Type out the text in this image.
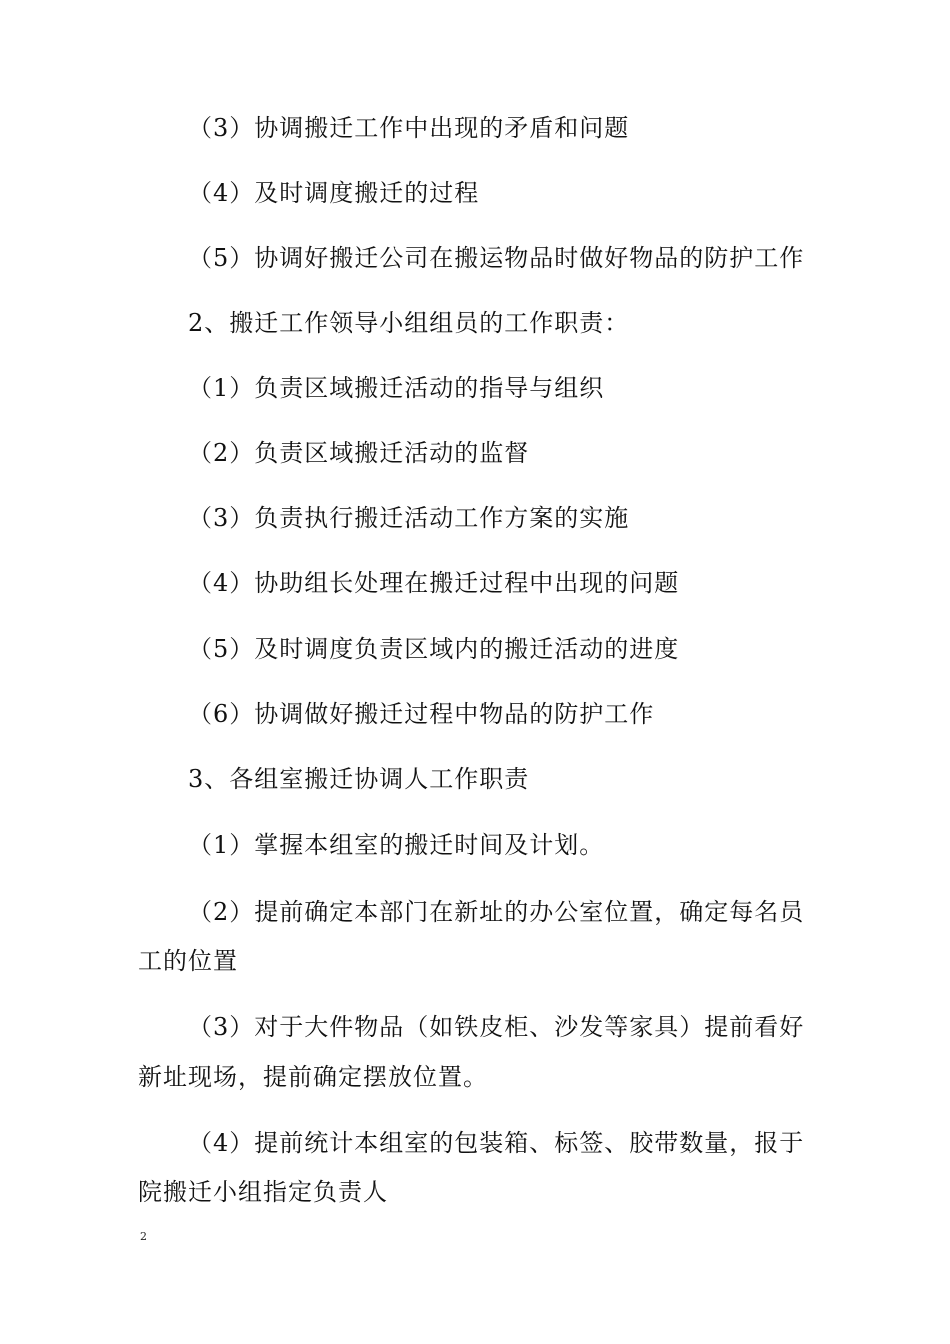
（3）协调搬迁工作中出现的矛盾和问题
（4）及时调度搬迁的过程
（5）协调好搬迁公司在搬运物品时做好物品的防护工作
2、搬迁工作领导小组组员的工作职责：
（1）负责区域搬迁活动的指导与组织
（2）负责区域搬迁活动的监督
（3）负责执行搬迁活动工作方案的实施
（4）协助组长处理在搬迁过程中出现的问题
（5）及时调度负责区域内的搬迁活动的进度
（6）协调做好搬迁过程中物品的防护工作
3、各组室搬迁协调人工作职责
（1）掌握本组室的搬迁时间及计划。
（2）提前确定本部门在新址的办公室位置，确定每名员
工的位置
（3）对于大件物品（如铁皮柜、沙发等家具）提前看好
新址现场，提前确定摆放位置。
（4）提前统计本组室的包装箱、标签、胶带数量，报于
院搬迁小组指定负责人
2
